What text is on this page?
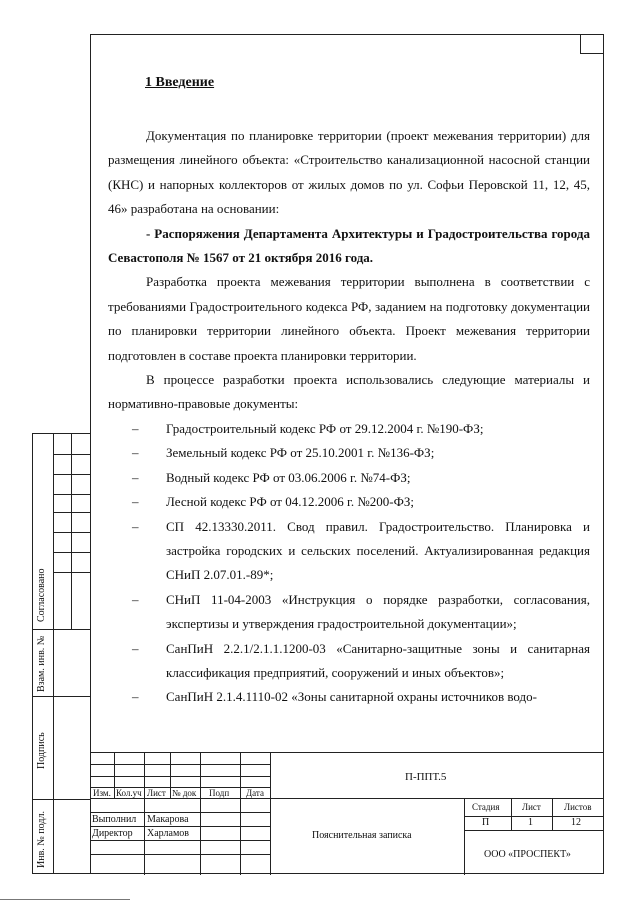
1 Введение

Документация по планировке территории (проект межевания территории) для размещения линейного объекта: «Строительство канализационной насосной станции (КНС) и напорных коллекторов от жилых домов по ул. Софьи Перовской 11, 12, 45, 46» разработана на основании:

- Распоряжения Департамента Архитектуры и Градостроительства города Севастополя № 1567 от 21 октября 2016 года.

Разработка проекта межевания территории выполнена в соответствии с требованиями Градостроительного кодекса РФ, заданием на подготовку документации по планировки территории линейного объекта. Проект межевания территории подготовлен в составе проекта планировки территории.

В процессе разработки проекта использовались следующие материалы и нормативно-правовые документы:

– Градостроительный кодекс РФ от 29.12.2004 г. №190-ФЗ;

– Земельный кодекс РФ от 25.10.2001 г. №136-ФЗ;

– Водный кодекс РФ от 03.06.2006 г. №74-ФЗ;

– Лесной кодекс РФ от 04.12.2006 г. №200-ФЗ;

– СП 42.13330.2011. Свод правил. Градостроительство. Планировка и застройка городских и сельских поселений. Актуализированная редакция СНиП 2.07.01.-89*;

– СНиП 11-04-2003 «Инструкция о порядке разработки, согласования, экспертизы и утверждения градостроительной документации»;

– СанПиН 2.2.1/2.1.1.1200-03 «Санитарно-защитные зоны и санитарная классификация предприятий, сооружений и иных объектов»;

– СанПиН 2.1.4.1110-02 «Зоны санитарной охраны источников водо-

Согласовано
Взам. инв. №
Подпись
Инв. № подл.
Изм. Кол.уч Лист № док Подп Дата
Выполнил Макарова
Директор Харламов
П-ППТ.5
Пояснительная записка
Стадия	Лист	Листов
П	1	12
ООО «ПРОСПЕКТ»
